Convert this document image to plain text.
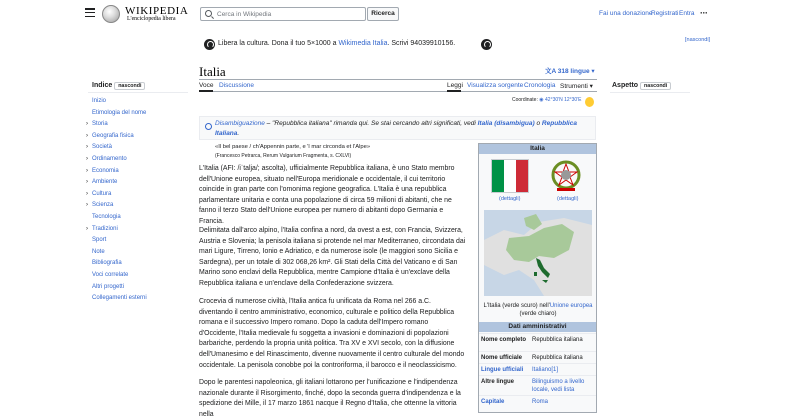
WIKIPEDIA
L'enciclopedia libera
Cerca in Wikipedia	Ricerca	Fai una donazione
Registrati Entra ···
Libera la cultura. Dona il tuo 5×1000 a Wikimedia Italia. Scrivi 94039910156.	[nascondi]
Indice nascondi
Inizio
Etimologia del nome
› Storia
› Geografia fisica
› Società
› Ordinamento
› Economia
› Ambiente
› Cultura
› Scienza
Tecnologia
› Tradizioni
Sport
Note
Bibliografia
Voci correlate
Altri progetti
Collegamenti esterni
Italia	文A 318 lingue ▾
Voce Discussione	Leggi Visualizza sorgente Cronologia Strumenti ▾
Coordinate: ◉ 42°30′N 12°30′E
Aspetto nascondi
Disambiguazione – "Repubblica italiana" rimanda qui. Se stai cercando altri significati, vedi Italia (disambigua) o Repubblica Italiana.
«Il bel paese / ch'Appennin parte, e 'l mar circonda et l'Alpe»
(Francesco Petrarca, Rerum Vulgarium Fragmenta, s. CXLVI)
L'Italia (AFI: /iˈtalja/; ascolta), ufficialmente Repubblica italiana, è uno Stato membro dell'Unione europea, situato nell'Europa meridionale e occidentale, il cui territorio coincide in gran parte con l'omonima regione geografica. L'Italia è una repubblica parlamentare unitaria e conta una popolazione di circa 59 milioni di abitanti, che ne fanno il terzo Stato dell'Unione europea per numero di abitanti dopo Germania e Francia.
Delimitata dall'arco alpino, l'Italia confina a nord, da ovest a est, con Francia, Svizzera, Austria e Slovenia; la penisola italiana si protende nel mar Mediterraneo, circondata dai mari Ligure, Tirreno, Ionio e Adriatico, e da numerose isole (le maggiori sono Sicilia e Sardegna), per un totale di 302 068,26 km². Gli Stati della Città del Vaticano e di San Marino sono enclavi della Repubblica, mentre Campione d'Italia è un'exclave della Repubblica italiana e un'enclave della Confederazione svizzera.
Crocevia di numerose civiltà, l'Italia antica fu unificata da Roma nel 266 a.C. diventando il centro amministrativo, economico, culturale e politico della Repubblica romana e il successivo Impero romano. Dopo la caduta dell'Impero romano d'Occidente, l'Italia medievale fu soggetta a invasioni e dominazioni di popolazioni barbariche, perdendo la propria unità politica. Tra XV e XVI secolo, con la diffusione dell'Umanesimo e del Rinascimento, divenne nuovamente il centro culturale del mondo occidentale. La penisola conobbe poi la controriforma, il barocco e il neoclassicismo.
Dopo le parentesi napoleonica, gli italiani lottarono per l'unificazione e l'indipendenza nazionale durante il Risorgimento, finché, dopo la seconda guerra d'indipendenza e la spedizione dei Mille, il 17 marzo 1861 nacque il Regno d'Italia, che ottenne la vittoria nella
Italia
(dettagli)	(dettagli)
L'Italia (verde scuro) nell'Unione europea (verde chiaro)
Dati amministrativi
Nome completo Repubblica italiana
Nome ufficiale	Repubblica italiana
Lingue ufficiali	Italiano[1]
Altre lingue	Bilinguismo a livello locale, vedi lista
Capitale	Roma
